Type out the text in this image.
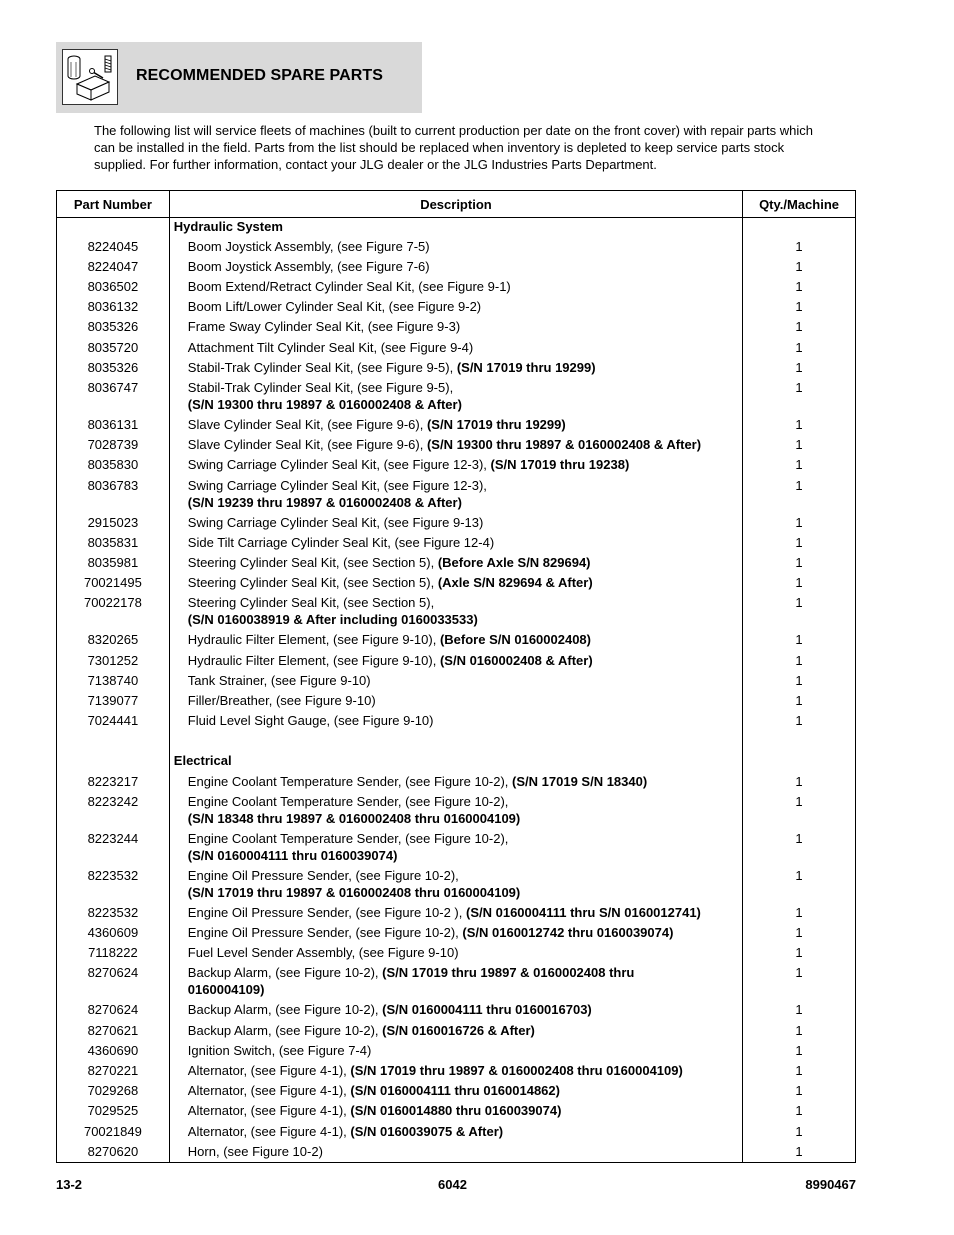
RECOMMENDED SPARE PARTS
The following list will service fleets of machines (built to current production per date on the front cover) with repair parts which can be installed in the field. Parts from the list should be replaced when inventory is depleted to keep service parts stock supplied. For further information, contact your JLG dealer or the JLG Industries Parts Department.
Part Number	Description	Qty./Machine

	Hydraulic System	

8224045	Boom Joystick Assembly, (see Figure 7-5)	1
8224047	Boom Joystick Assembly, (see Figure 7-6)	1
8036502	Boom Extend/Retract Cylinder Seal Kit, (see Figure 9-1)	1
8036132	Boom Lift/Lower Cylinder Seal Kit, (see Figure 9-2)	1
8035326	Frame Sway Cylinder Seal Kit, (see Figure 9-3)	1
8035720	Attachment Tilt Cylinder Seal Kit, (see Figure 9-4)	1
8035326	Stabil-Trak Cylinder Seal Kit, (see Figure 9-5), (S/N 17019 thru 19299)	1
8036747	Stabil-Trak Cylinder Seal Kit, (see Figure 9-5),
(S/N 19300 thru 19897 & 0160002408 & After)	1
8036131	Slave Cylinder Seal Kit, (see Figure 9-6), (S/N 17019 thru 19299)	1
7028739	Slave Cylinder Seal Kit, (see Figure 9-6), (S/N 19300 thru 19897 & 0160002408 & After)	1
8035830	Swing Carriage Cylinder Seal Kit, (see Figure 12-3), (S/N 17019 thru 19238)	1
8036783	Swing Carriage Cylinder Seal Kit, (see Figure 12-3),
(S/N 19239 thru 19897 & 0160002408 & After)	1
2915023	Swing Carriage Cylinder Seal Kit, (see Figure 9-13)	1
8035831	Side Tilt Carriage Cylinder Seal Kit, (see Figure 12-4)	1
8035981	Steering Cylinder Seal Kit, (see Section 5), (Before Axle S/N 829694)	1
70021495	Steering Cylinder Seal Kit, (see Section 5), (Axle S/N 829694 & After)	1
70022178	Steering Cylinder Seal Kit, (see Section 5),
(S/N 0160038919 & After including 0160033533)	1
8320265	Hydraulic Filter Element, (see Figure 9-10), (Before S/N 0160002408)	1
7301252	Hydraulic Filter Element, (see Figure 9-10), (S/N 0160002408 & After)	1
7138740	Tank Strainer, (see Figure 9-10)	1
7139077	Filler/Breather, (see Figure 9-10)	1
7024441	Fluid Level Sight Gauge, (see Figure 9-10)	1

	Electrical	

8223217	Engine Coolant Temperature Sender, (see Figure 10-2), (S/N 17019 S/N 18340)	1
8223242	Engine Coolant Temperature Sender, (see Figure 10-2),
(S/N 18348 thru 19897 & 0160002408 thru 0160004109)	1
8223244	Engine Coolant Temperature Sender, (see Figure 10-2),
(S/N 0160004111 thru 0160039074)	1
8223532	Engine Oil Pressure Sender, (see Figure 10-2),
(S/N 17019 thru 19897 & 0160002408 thru 0160004109)	1
8223532	Engine Oil Pressure Sender, (see Figure 10-2 ), (S/N 0160004111 thru S/N 0160012741)	1
4360609	Engine Oil Pressure Sender, (see Figure 10-2), (S/N 0160012742 thru 0160039074)	1
7118222	Fuel Level Sender Assembly, (see Figure 9-10)	1
8270624	Backup Alarm, (see Figure 10-2), (S/N 17019 thru 19897 & 0160002408 thru
0160004109)	1
8270624	Backup Alarm, (see Figure 10-2), (S/N 0160004111 thru 0160016703)	1
8270621	Backup Alarm, (see Figure 10-2), (S/N 0160016726 & After)	1
4360690	Ignition Switch, (see Figure 7-4)	1
8270221	Alternator, (see Figure 4-1), (S/N 17019 thru 19897 & 0160002408 thru 0160004109)	1
7029268	Alternator, (see Figure 4-1), (S/N 0160004111 thru 0160014862)	1
7029525	Alternator, (see Figure 4-1), (S/N 0160014880 thru 0160039074)	1
70021849	Alternator, (see Figure 4-1), (S/N 0160039075 & After)	1
8270620	Horn, (see Figure 10-2)	1

13-2	6042	8990467
